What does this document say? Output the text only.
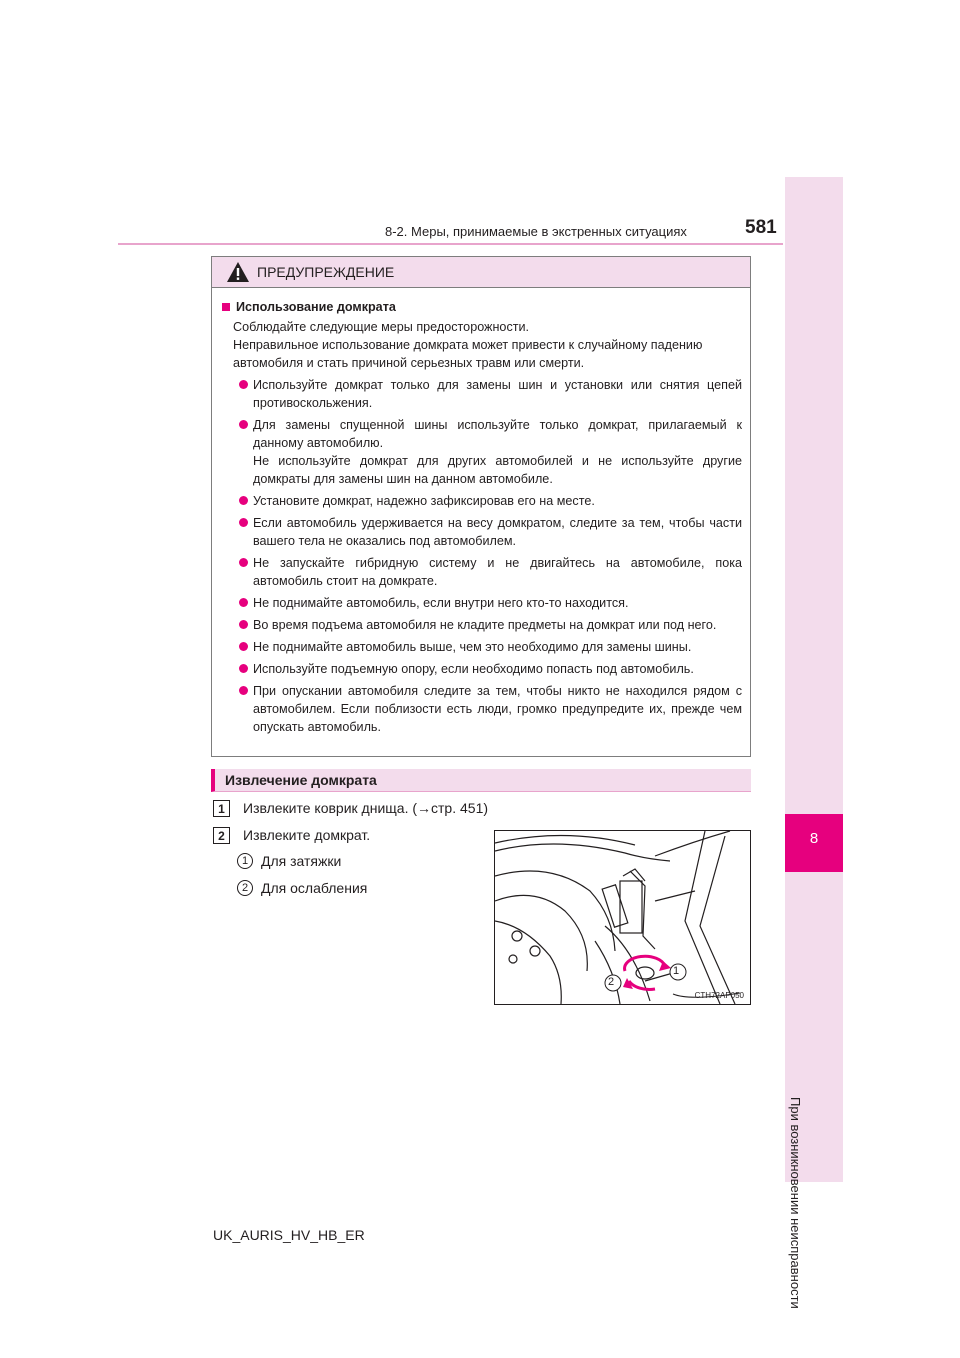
8-2. Меры, принимаемые в экстренных ситуациях	581
8
При возникновении неисправности
ПРЕДУПРЕЖДЕНИЕ
Использование домкрата
Соблюдайте следующие меры предосторожности.
Неправильное использование домкрата может привести к случайному падению автомобиля и стать причиной серьезных травм или смерти.
Используйте домкрат только для замены шин и установки или снятия цепей противоскольжения.
Для замены спущенной шины используйте только домкрат, прилагаемый к данному автомобилю.
Не используйте домкрат для других автомобилей и не используйте другие домкраты для замены шин на данном автомобиле.
Установите домкрат, надежно зафиксировав его на месте.
Если автомобиль удерживается на весу домкратом, следите за тем, чтобы части вашего тела не оказались под автомобилем.
Не запускайте гибридную систему и не двигайтесь на автомобиле, пока автомобиль стоит на домкрате.
Не поднимайте автомобиль, если внутри него кто-то находится.
Во время подъема автомобиля не кладите предметы на домкрат или под него.
Не поднимайте автомобиль выше, чем это необходимо для замены шины.
Используйте подъемную опору, если необходимо попасть под автомобиль.
При опускании автомобиля следите за тем, чтобы никто не находился рядом с автомобилем. Если поблизости есть люди, громко предупредите их, прежде чем опускать автомобиль.
Извлечение домкрата
1	Извлеките коврик днища. (→стр. 451)
2	Извлеките домкрат.
1 Для затяжки
2 Для ослабления
1
2
CTH72AP050
UK_AURIS_HV_HB_ER
